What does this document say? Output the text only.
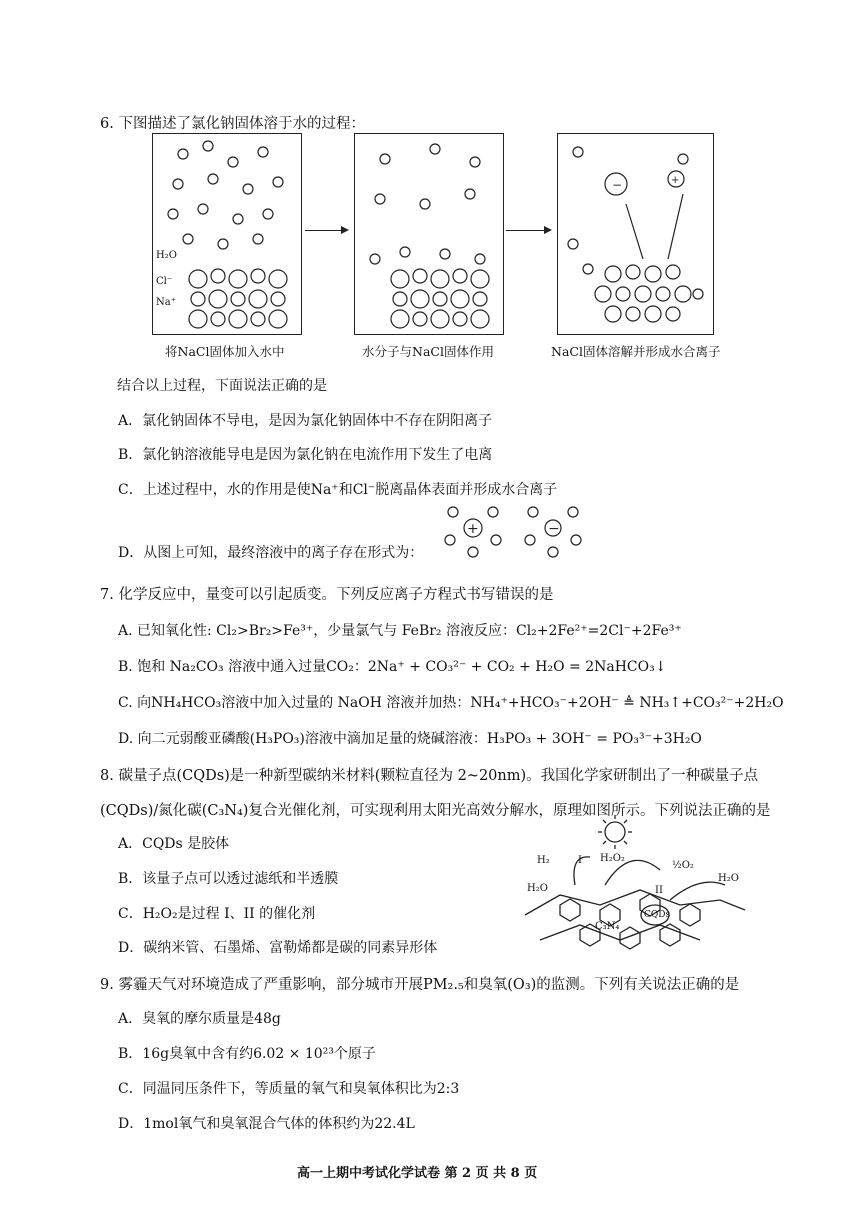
6. 下图描述了氯化钠固体溶于水的过程：
H₂O
Cl⁻
Na⁺
−	+
将NaCl固体加入水中	水分子与NaCl固体作用	NaCl固体溶解并形成水合离子
结合以上过程，下面说法正确的是
A．氯化钠固体不导电，是因为氯化钠固体中不存在阴阳离子
B．氯化钠溶液能导电是因为氯化钠在电流作用下发生了电离
C．上述过程中，水的作用是使Na⁺和Cl⁻脱离晶体表面并形成水合离子
D．从图上可知，最终溶液中的离子存在形式为：
+	−
7. 化学反应中，量变可以引起质变。下列反应离子方程式书写错误的是
A. 已知氧化性: Cl₂>Br₂>Fe³⁺，少量氯气与 FeBr₂ 溶液反应：Cl₂+2Fe²⁺=2Cl⁻+2Fe³⁺
B. 饱和 Na₂CO₃ 溶液中通入过量CO₂：2Na⁺ + CO₃²⁻ + CO₂ + H₂O = 2NaHCO₃↓
C. 向NH₄HCO₃溶液中加入过量的 NaOH 溶液并加热：NH₄⁺+HCO₃⁻+2OH⁻ ≜ NH₃↑+CO₃²⁻+2H₂O
D. 向二元弱酸亚磷酸(H₃PO₃)溶液中滴加足量的烧碱溶液：H₃PO₃ + 3OH⁻ = PO₃³⁻+3H₂O
8. 碳量子点(CQDs)是一种新型碳纳米材料(颗粒直径为 2~20nm)。我国化学家研制出了一种碳量子点
(CQDs)/氮化碳(C₃N₄)复合光催化剂，可实现利用太阳光高效分解水，原理如图所示。下列说法正确的是
A．CQDs 是胶体
B．该量子点可以透过滤纸和半透膜
C．H₂O₂是过程 I、II 的催化剂
D．碳纳米管、石墨烯、富勒烯都是碳的同素异形体
H₂	I H₂O₂
½O₂
II
H₂O
H₂O
CQDs
C₃N₄
9. 雾霾天气对环境造成了严重影响，部分城市开展PM₂.₅和臭氧(O₃)的监测。下列有关说法正确的是
A．臭氧的摩尔质量是48g
B．16g臭氧中含有约6.02 × 10²³个原子
C．同温同压条件下，等质量的氧气和臭氧体积比为2:3
D．1mol氧气和臭氧混合气体的体积约为22.4L
高一上期中考试化学试卷 第 2 页 共 8 页
